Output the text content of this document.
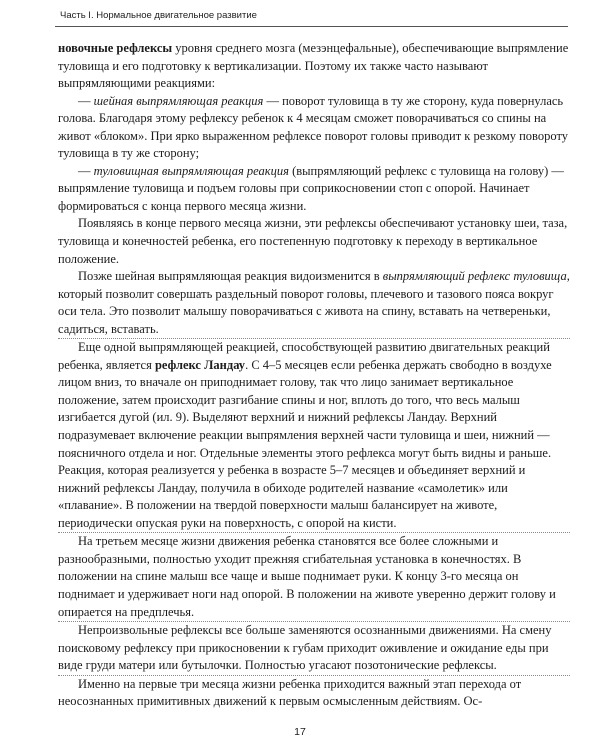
Часть I. Нормальное двигательное развитие

новочные рефлексы уровня среднего мозга (мезэнцефальные), обеспечивающие выпрямление туловища и его подготовку к вертикализации. Поэтому их также часто называют выпрямляющими реакциями:

— шейная выпрямляющая реакция — поворот туловища в ту же сторону, куда повернулась голова. Благодаря этому рефлексу ребенок к 4 месяцам сможет поворачиваться со спины на живот «блоком». При ярко выраженном рефлексе поворот головы приводит к резкому повороту туловища в ту же сторону;

— туловищная выпрямляющая реакция (выпрямляющий рефлекс с туловища на голову) — выпрямление туловища и подъем головы при соприкосновении стоп с опорой. Начинает формироваться с конца первого месяца жизни.

Появляясь в конце первого месяца жизни, эти рефлексы обеспечивают установку шеи, таза, туловища и конечностей ребенка, его постепенную подготовку к переходу в вертикальное положение.

Позже шейная выпрямляющая реакция видоизменится в выпрямляющий рефлекс туловища, который позволит совершать раздельный поворот головы, плечевого и тазового пояса вокруг оси тела. Это позволит малышу поворачиваться с живота на спину, вставать на четвереньки, садиться, вставать.

Еще одной выпрямляющей реакцией, способствующей развитию двигательных реакций ребенка, является рефлекс Ландау. С 4–5 месяцев если ребенка держать свободно в воздухе лицом вниз, то вначале он приподнимает голову, так что лицо занимает вертикальное положение, затем происходит разгибание спины и ног, вплоть до того, что весь малыш изгибается дугой (ил. 9). Выделяют верхний и нижний рефлексы Ландау. Верхний подразумевает включение реакции выпрямления верхней части туловища и шеи, нижний — поясничного отдела и ног. Отдельные элементы этого рефлекса могут быть видны и раньше. Реакция, которая реализуется у ребенка в возрасте 5–7 месяцев и объединяет верхний и нижний рефлексы Ландау, получила в обиходе родителей название «самолетик» или «плавание». В положении на твердой поверхности малыш балансирует на животе, периодически опуская руки на поверхность, с опорой на кисти.

На третьем месяце жизни движения ребенка становятся все более сложными и разнообразными, полностью уходит прежняя сгибательная установка в конечностях. В положении на спине малыш все чаще и выше поднимает руки. К концу 3-го месяца он поднимает и удерживает ноги над опорой. В положении на животе уверенно держит голову и опирается на предплечья.

Непроизвольные рефлексы все больше заменяются осознанными движениями. На смену поисковому рефлексу при прикосновении к губам приходит оживление и ожидание еды при виде груди матери или бутылочки. Полностью угасают позотонические рефлексы.

Именно на первые три месяца жизни ребенка приходится важный этап перехода от неосознанных примитивных движений к первым осмысленным действиям. Ос-

17
